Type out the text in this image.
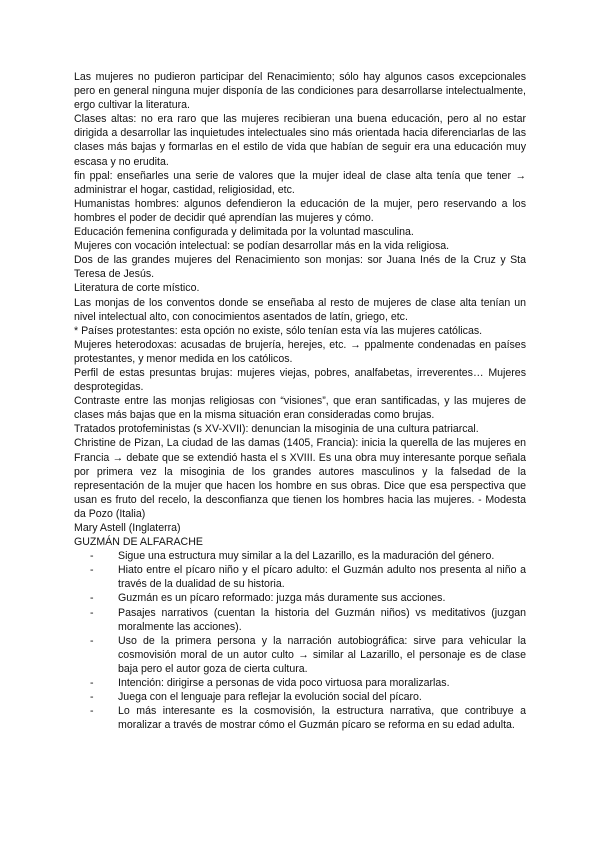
Las mujeres no pudieron participar del Renacimiento; sólo hay algunos casos excepcionales pero en general ninguna mujer disponía de las condiciones para desarrollarse intelectualmente, ergo cultivar la literatura.

Clases altas: no era raro que las mujeres recibieran una buena educación, pero al no estar dirigida a desarrollar las inquietudes intelectuales sino más orientada hacia diferenciarlas de las clases más bajas y formarlas en el estilo de vida que habían de seguir era una educación muy escasa y no erudita.

fin ppal: enseñarles una serie de valores que la mujer ideal de clase alta tenía que tener → administrar el hogar, castidad, religiosidad, etc.

Humanistas hombres: algunos defendieron la educación de la mujer, pero reservando a los hombres el poder de decidir qué aprendían las mujeres y cómo.

Educación femenina configurada y delimitada por la voluntad masculina.

Mujeres con vocación intelectual: se podían desarrollar más en la vida religiosa.

Dos de las grandes mujeres del Renacimiento son monjas: sor Juana Inés de la Cruz y Sta Teresa de Jesús.

Literatura de corte místico.

Las monjas de los conventos donde se enseñaba al resto de mujeres de clase alta tenían un nivel intelectual alto, con conocimientos asentados de latín, griego, etc.

* Países protestantes: esta opción no existe, sólo tenían esta vía las mujeres católicas.

Mujeres heterodoxas: acusadas de brujería, herejes, etc. → ppalmente condenadas en países protestantes, y menor medida en los católicos.

Perfil de estas presuntas brujas: mujeres viejas, pobres, analfabetas, irreverentes… Mujeres desprotegidas.

Contraste entre las monjas religiosas con “visiones”, que eran santificadas, y las mujeres de clases más bajas que en la misma situación eran consideradas como brujas.

Tratados protofeministas (s XV-XVII): denuncian la misoginia de una cultura patriarcal.

Christine de Pizan, La ciudad de las damas (1405, Francia): inicia la querella de las mujeres en Francia → debate que se extendió hasta el s XVIII. Es una obra muy interesante porque señala por primera vez la misoginia de los grandes autores masculinos y la falsedad de la representación de la mujer que hacen los hombre en sus obras. Dice que esa perspectiva que usan es fruto del recelo, la desconfianza que tienen los hombres hacia las mujeres. - Modesta da Pozo (Italia)

Mary Astell (Inglaterra)

GUZMÁN DE ALFARACHE

- Sigue una estructura muy similar a la del Lazarillo, es la maduración del género.
- Hiato entre el pícaro niño y el pícaro adulto: el Guzmán adulto nos presenta al niño a través de la dualidad de su historia.
- Guzmán es un pícaro reformado: juzga más duramente sus acciones.
- Pasajes narrativos (cuentan la historia del Guzmán niños) vs meditativos (juzgan moralmente las acciones).
- Uso de la primera persona y la narración autobiográfica: sirve para vehicular la cosmovisión moral de un autor culto → similar al Lazarillo, el personaje es de clase baja pero el autor goza de cierta cultura.
- Intención: dirigirse a personas de vida poco virtuosa para moralizarlas.
- Juega con el lenguaje para reflejar la evolución social del pícaro.
- Lo más interesante es la cosmovisión, la estructura narrativa, que contribuye a moralizar a través de mostrar cómo el Guzmán pícaro se reforma en su edad adulta.
